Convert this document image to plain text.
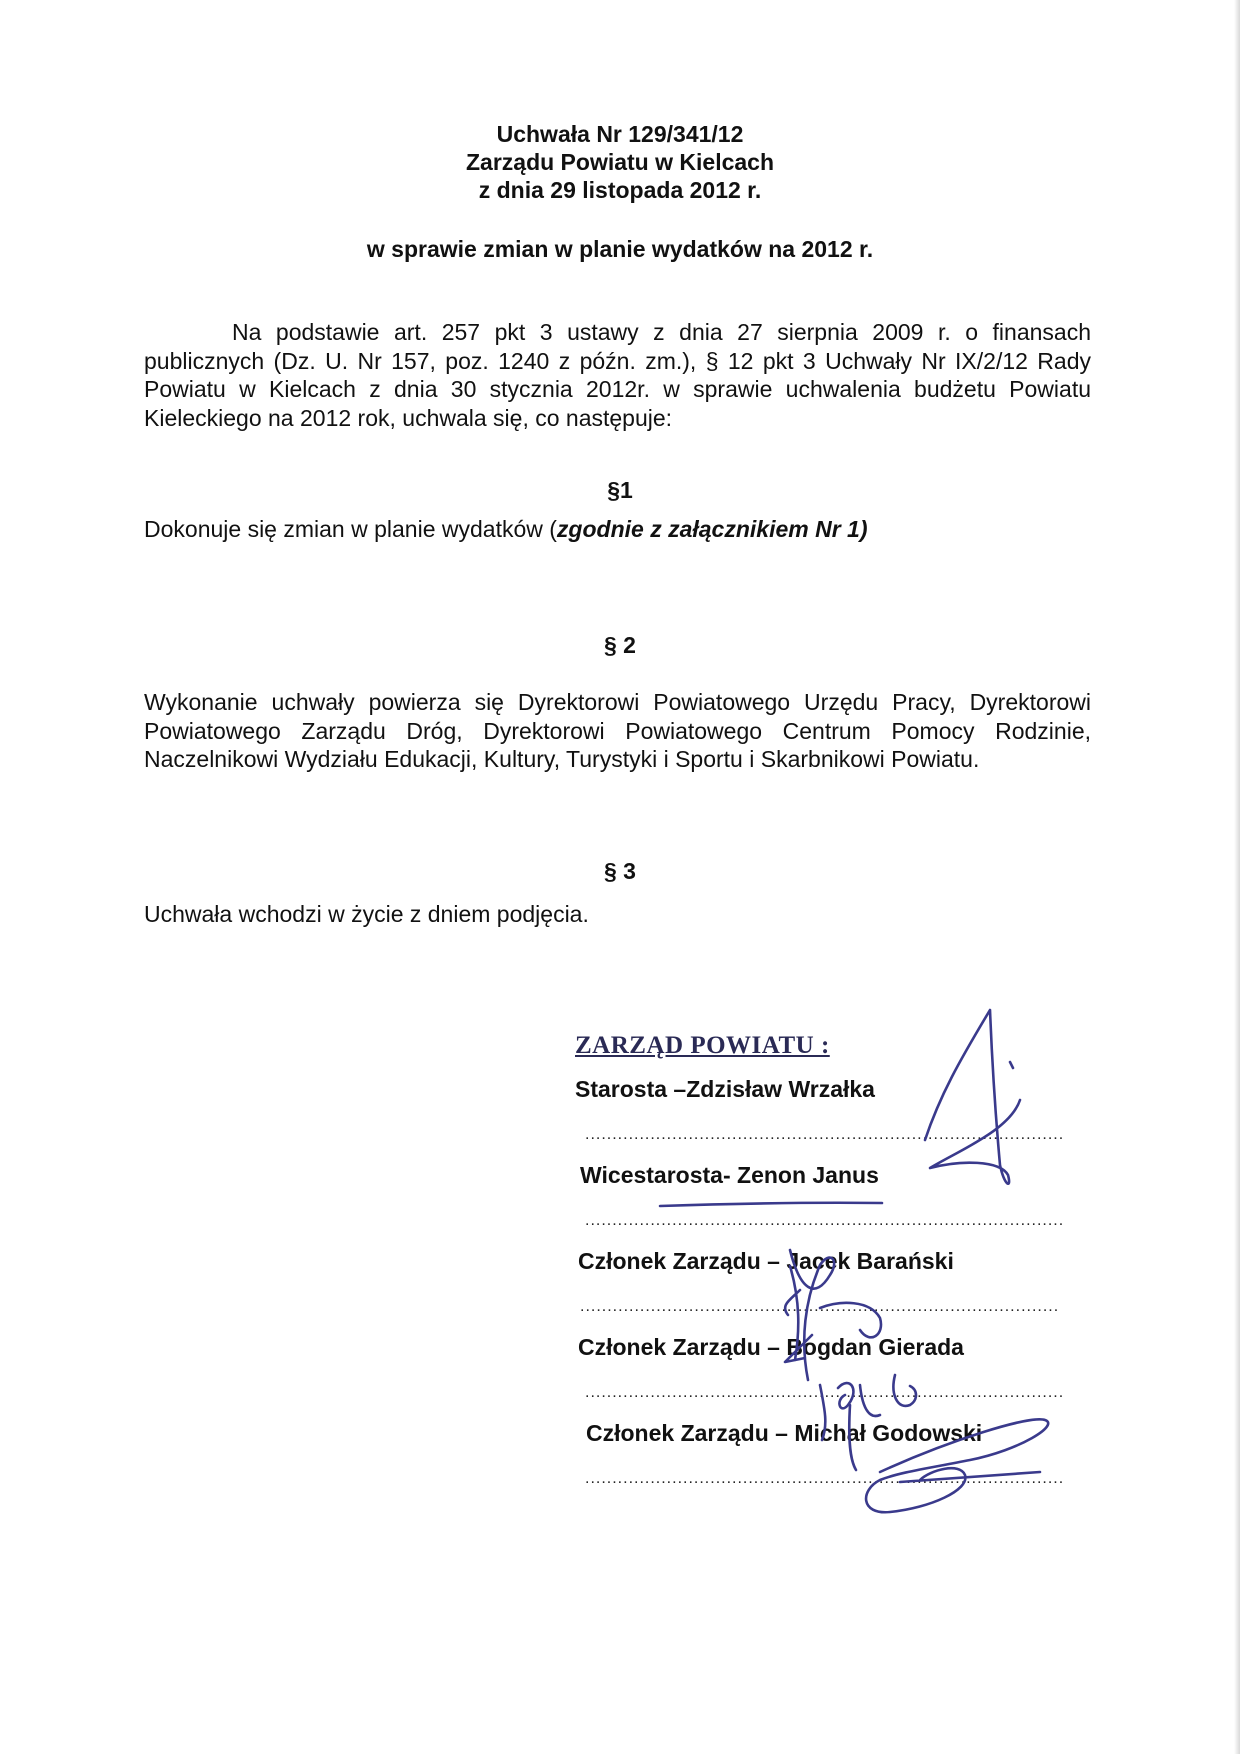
Uchwała Nr 129/341/12
Zarządu Powiatu w Kielcach
z dnia 29 listopada 2012 r.
w sprawie zmian w planie wydatków na 2012 r.
Na podstawie art. 257 pkt 3 ustawy z dnia 27 sierpnia 2009 r. o finansach publicznych (Dz. U. Nr 157, poz. 1240 z późn. zm.), § 12 pkt 3 Uchwały Nr IX/2/12 Rady Powiatu w Kielcach z dnia 30 stycznia 2012r. w sprawie uchwalenia budżetu Powiatu Kieleckiego na 2012 rok, uchwala się, co następuje:
§1
Dokonuje się zmian w planie wydatków (zgodnie z załącznikiem Nr 1)
§ 2
Wykonanie uchwały powierza się Dyrektorowi Powiatowego Urzędu Pracy, Dyrektorowi Powiatowego Zarządu Dróg, Dyrektorowi Powiatowego Centrum Pomocy Rodzinie, Naczelnikowi Wydziału Edukacji, Kultury, Turystyki i Sportu i Skarbnikowi Powiatu.
§ 3
Uchwała wchodzi w życie z dniem podjęcia.
ZARZĄD POWIATU :
Starosta –Zdzisław Wrzałka
........................................................................................
Wicestarosta- Zenon Janus
........................................................................................
Członek Zarządu – Jacek Barański
........................................................................................
Członek Zarządu – Bogdan Gierada
........................................................................................
Członek Zarządu – Michał Godowski
........................................................................................
